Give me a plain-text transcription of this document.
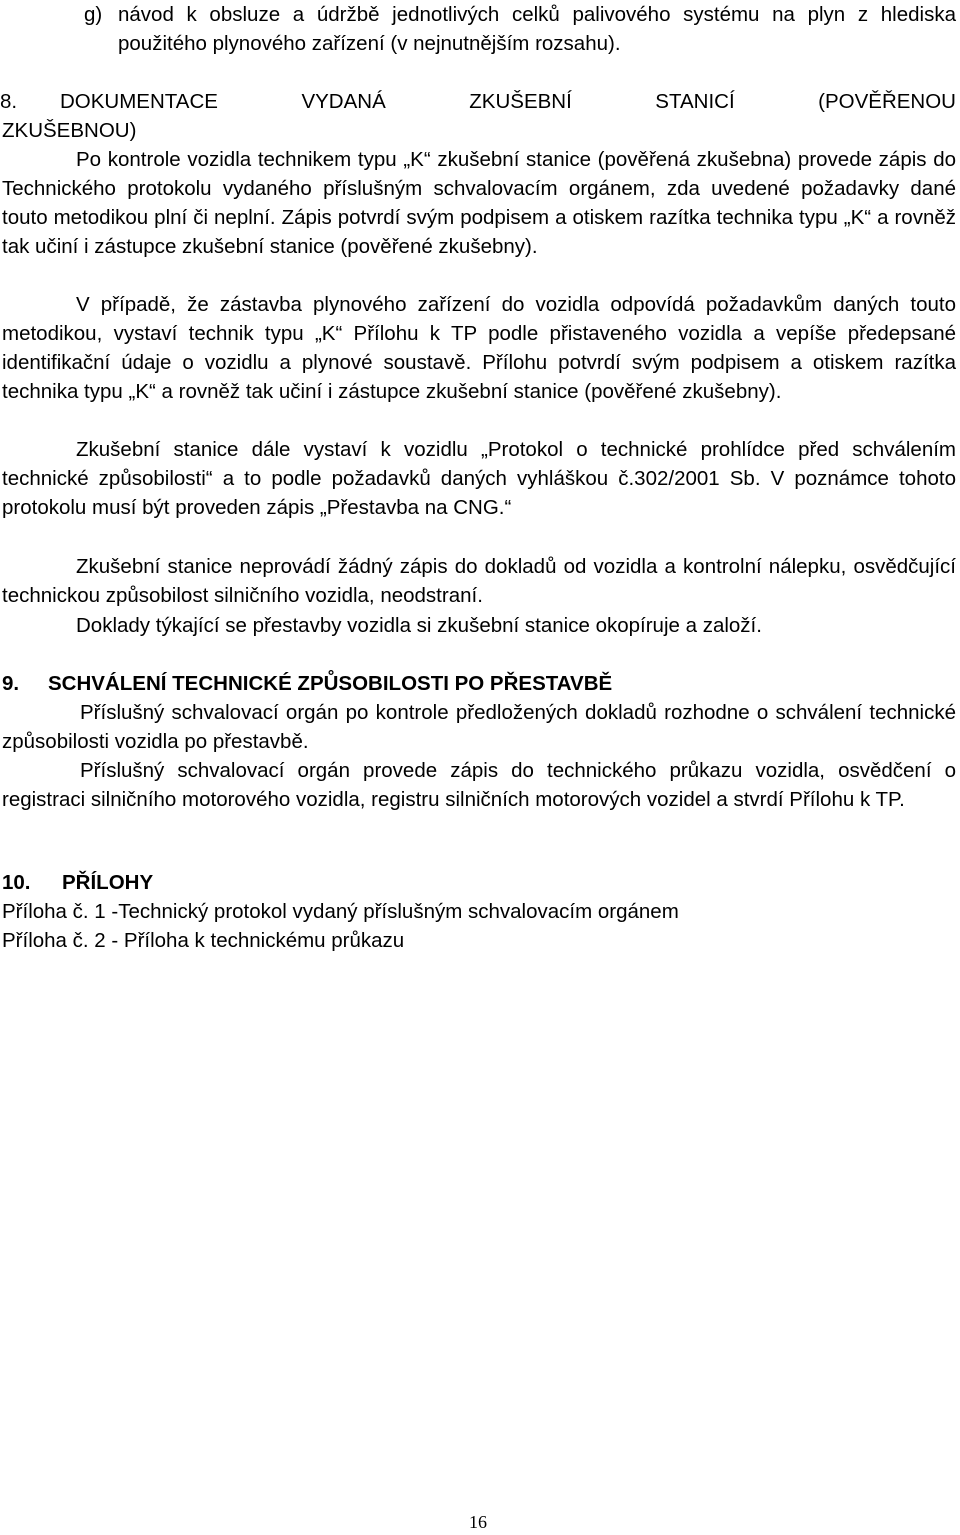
g) návod k obsluze a údržbě jednotlivých celků palivového systému na plyn z hlediska použitého plynového zařízení (v nejnutnějším rozsahu).

8. DOKUMENTACE VYDANÁ ZKUŠEBNÍ STANICÍ (POVĚŘENOU
ZKUŠEBNOU)

Po kontrole vozidla technikem typu „K“ zkušební stanice (pověřená zkušebna) provede zápis do Technického protokolu vydaného příslušným schvalovacím orgánem, zda uvedené požadavky dané touto metodikou plní či neplní. Zápis potvrdí svým podpisem a otiskem razítka technika typu „K“ a rovněž tak učiní i zástupce zkušební stanice (pověřené zkušebny).

V případě, že zástavba plynového zařízení do vozidla odpovídá požadavkům daných touto metodikou, vystaví technik typu „K“ Přílohu k TP podle přistaveného vozidla a vepíše předepsané identifikační údaje o vozidlu a plynové soustavě. Přílohu potvrdí svým podpisem a otiskem razítka technika typu „K“ a rovněž tak učiní i zástupce zkušební stanice (pověřené zkušebny).

Zkušební stanice dále vystaví k vozidlu „Protokol o technické prohlídce před schválením technické způsobilosti“ a to podle požadavků daných vyhláškou č.302/2001 Sb. V poznámce tohoto protokolu musí být proveden zápis „Přestavba na CNG.“

Zkušební stanice neprovádí žádný zápis do dokladů od vozidla a kontrolní nálepku, osvědčující technickou způsobilost silničního vozidla, neodstraní.

Doklady týkající se přestavby vozidla si zkušební stanice okopíruje a založí.

9. SCHVÁLENÍ TECHNICKÉ ZPŮSOBILOSTI PO PŘESTAVBĚ

Příslušný schvalovací orgán po kontrole předložených dokladů rozhodne o schválení technické způsobilosti vozidla po přestavbě.

Příslušný schvalovací orgán provede zápis do technického průkazu vozidla, osvědčení o registraci silničního motorového vozidla, registru silničních motorových vozidel a stvrdí Přílohu k TP.

10. PŘÍLOHY
Příloha č. 1 -Technický protokol vydaný příslušným schvalovacím orgánem
Příloha č. 2 - Příloha k technickému průkazu
16
